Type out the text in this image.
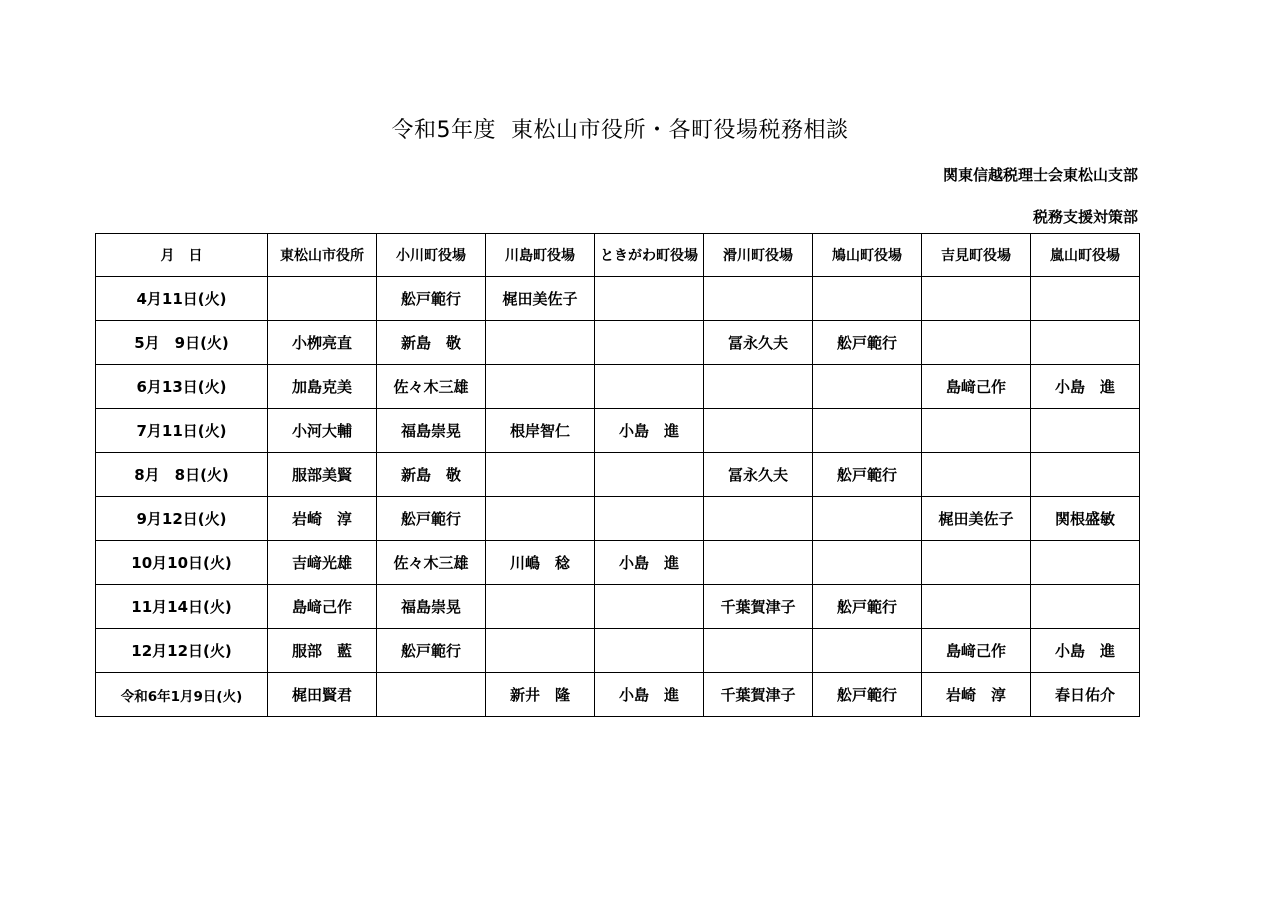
令和5年度  東松山市役所・各町役場税務相談
関東信越税理士会東松山支部
税務支援対策部
月　日	東松山市役所	小川町役場	川島町役場	ときがわ町役場	滑川町役場	鳩山町役場	吉見町役場	嵐山町役場
4月11日(火)		舩戸範行	梶田美佐子					
5月　9日(火)	小栁亮直	新島　敬			冨永久夫	舩戸範行		
6月13日(火)	加島克美	佐々木三雄					島﨑己作	小島　進
7月11日(火)	小河大輔	福島崇晃	根岸智仁	小島　進				
8月　8日(火)	服部美賢	新島　敬			冨永久夫	舩戸範行		
9月12日(火)	岩崎　淳	舩戸範行					梶田美佐子	関根盛敏
10月10日(火)	吉﨑光雄	佐々木三雄	川嶋　稔	小島　進				
11月14日(火)	島﨑己作	福島崇晃			千葉賀津子	舩戸範行		
12月12日(火)	服部　藍	舩戸範行					島﨑己作	小島　進
令和6年1月9日(火)	梶田賢君		新井　隆	小島　進	千葉賀津子	舩戸範行	岩崎　淳	春日佑介
